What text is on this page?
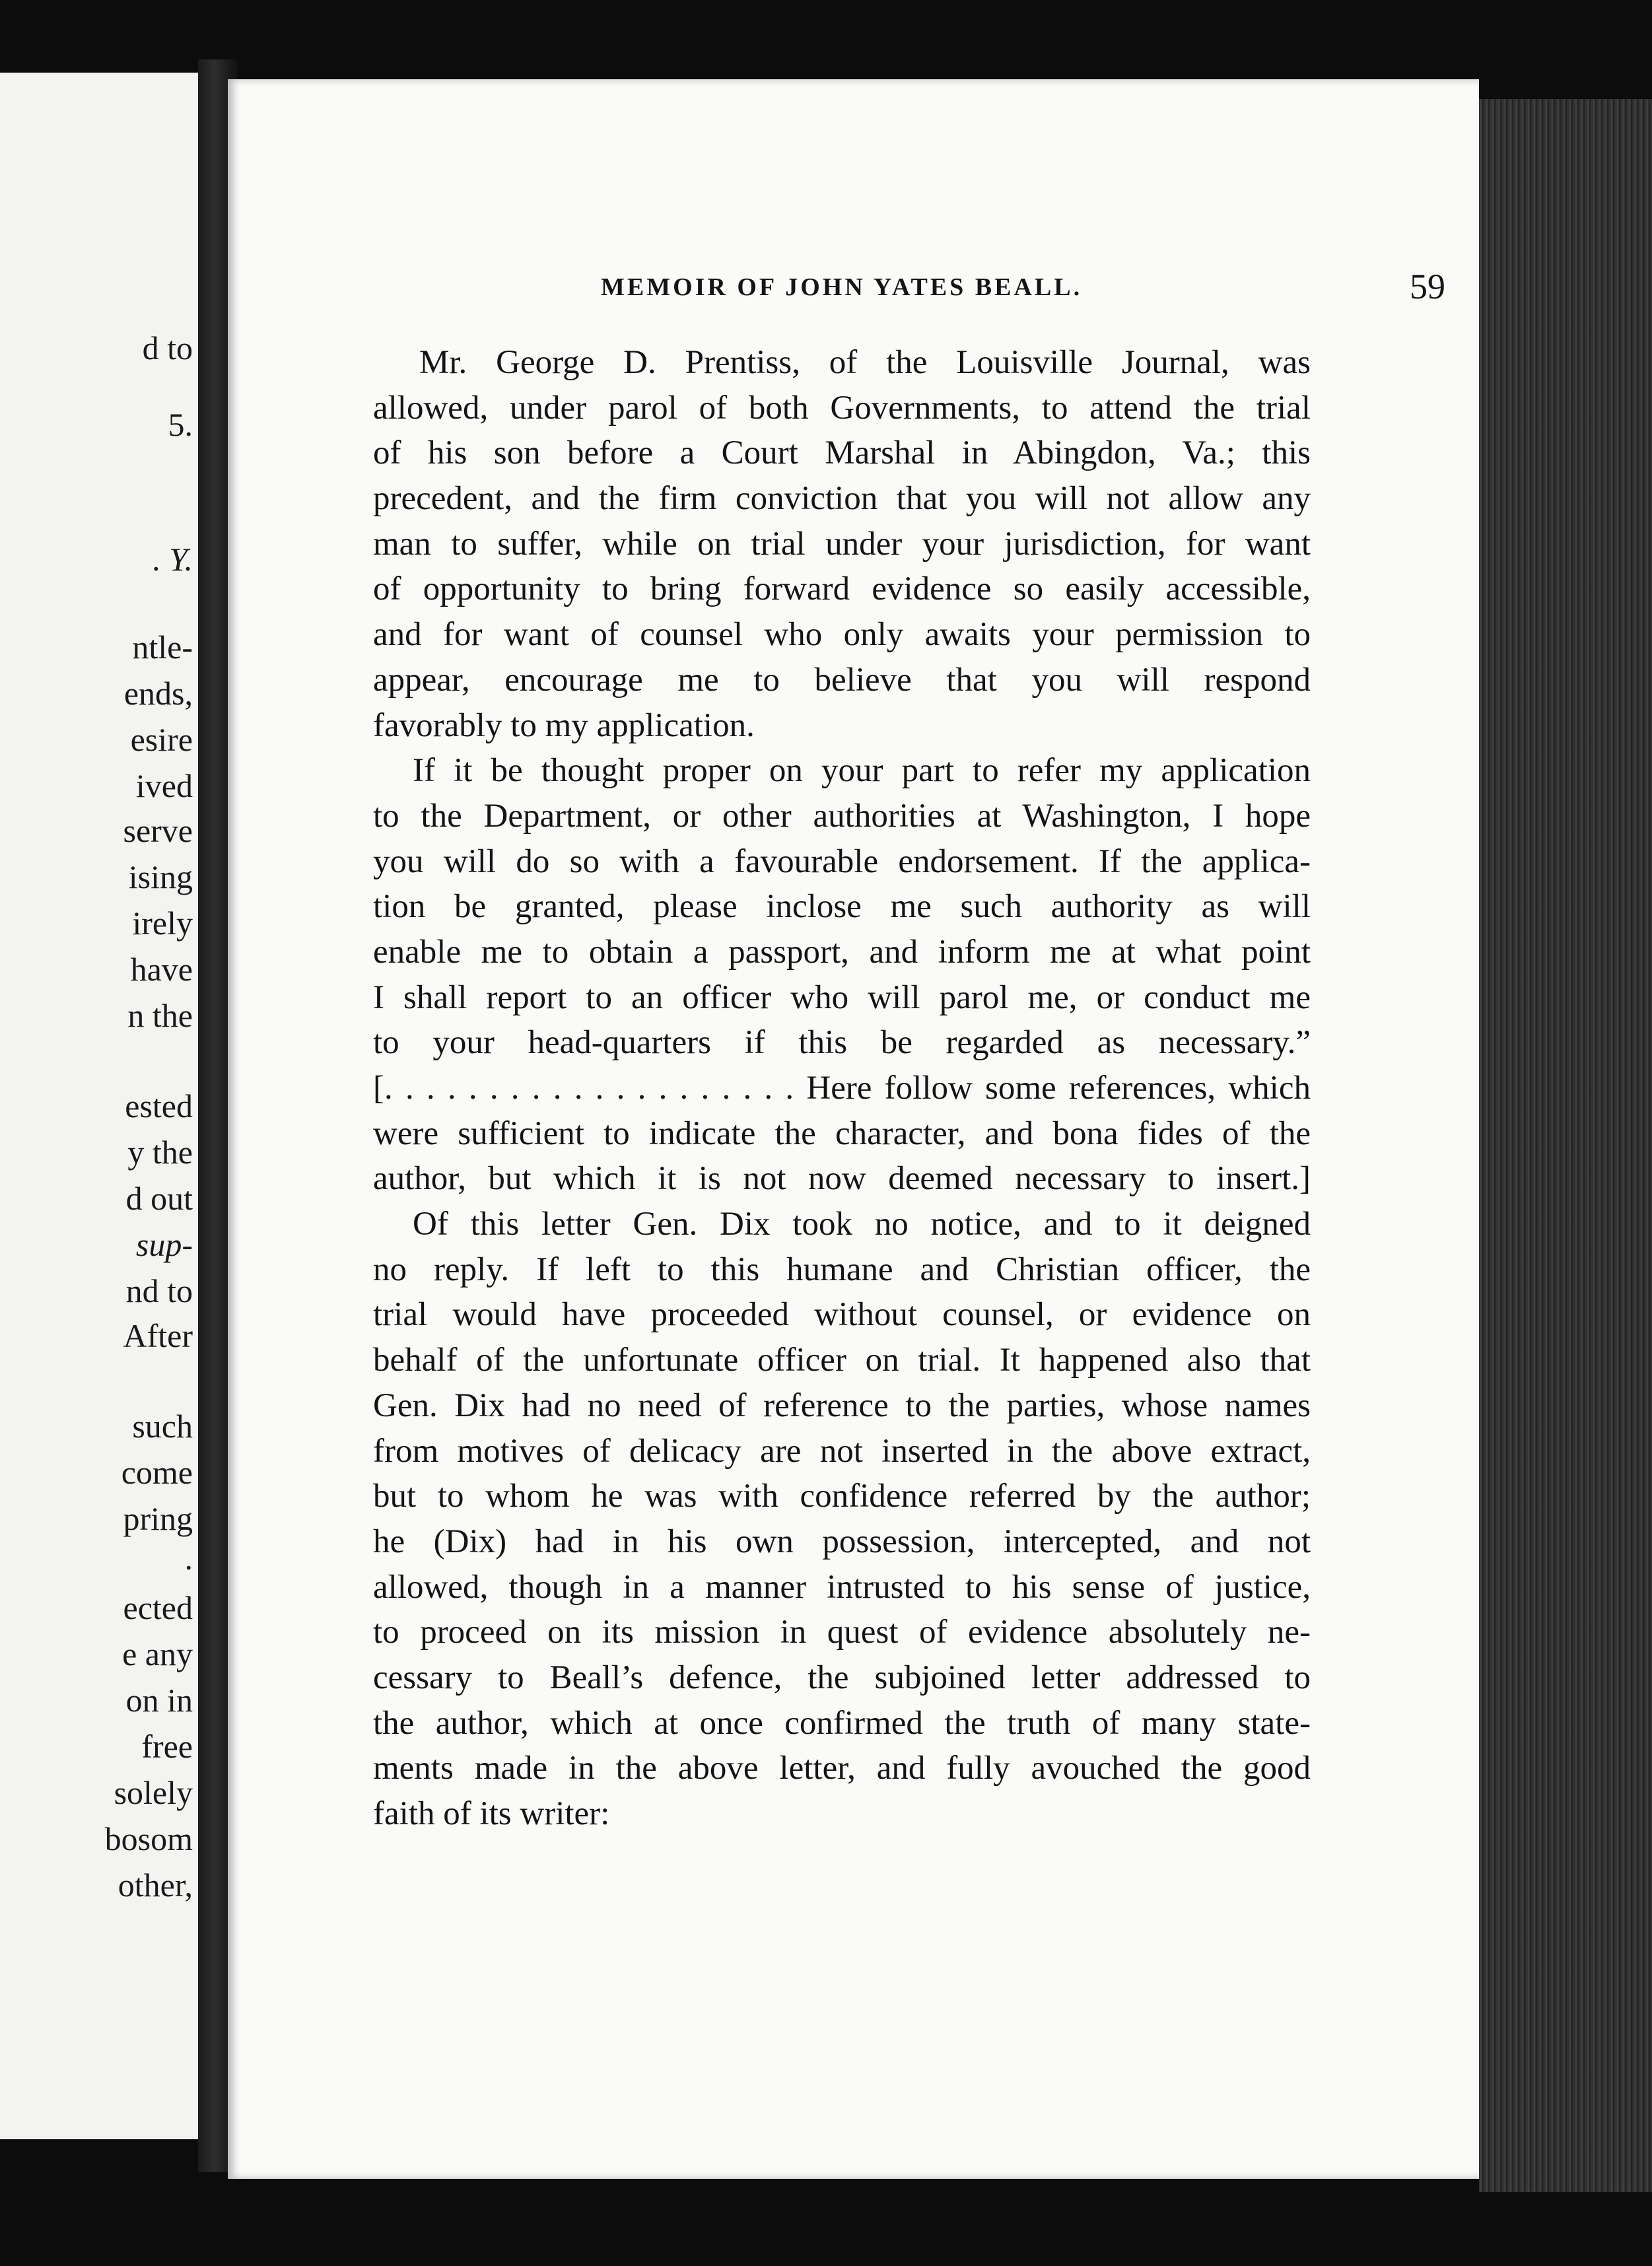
d to
5.
. Y.
ntle-
ends,
esire
ived
serve
ising
irely
have
n the
ested
y the
d out
sup-
nd to
After
such
come
pring
.
ected
e any
on in
free
solely
bosom
other,
MEMOIR OF JOHN YATES BEALL.	59
Mr. George D. Prentiss, of the Louisville Journal, was
allowed, under parol of both Governments, to attend the trial
of his son before a Court Marshal in Abingdon, Va.; this
precedent, and the firm conviction that you will not allow any
man to suffer, while on trial under your jurisdiction, for want
of opportunity to bring forward evidence so easily accessible,
and for want of counsel who only awaits your permission to
appear, encourage me to believe that you will respond
favorably to my application.
If it be thought proper on your part to refer my application
to the Department, or other authorities at Washington, I hope
you will do so with a favourable endorsement. If the applica-
tion be granted, please inclose me such authority as will
enable me to obtain a passport, and inform me at what point
I shall report to an officer who will parol me, or conduct me
to your head-quarters if this be regarded as necessary.”
[. . . . . . . . . . . . . . . . . . . . Here follow some references, which
were sufficient to indicate the character, and bona fides of the
author, but which it is not now deemed necessary to insert.]
Of this letter Gen. Dix took no notice, and to it deigned
no reply. If left to this humane and Christian officer, the
trial would have proceeded without counsel, or evidence on
behalf of the unfortunate officer on trial. It happened also that
Gen. Dix had no need of reference to the parties, whose names
from motives of delicacy are not inserted in the above extract,
but to whom he was with confidence referred by the author;
he (Dix) had in his own possession, intercepted, and not
allowed, though in a manner intrusted to his sense of justice,
to proceed on its mission in quest of evidence absolutely ne-
cessary to Beall’s defence, the subjoined letter addressed to
the author, which at once confirmed the truth of many state-
ments made in the above letter, and fully avouched the good
faith of its writer:
